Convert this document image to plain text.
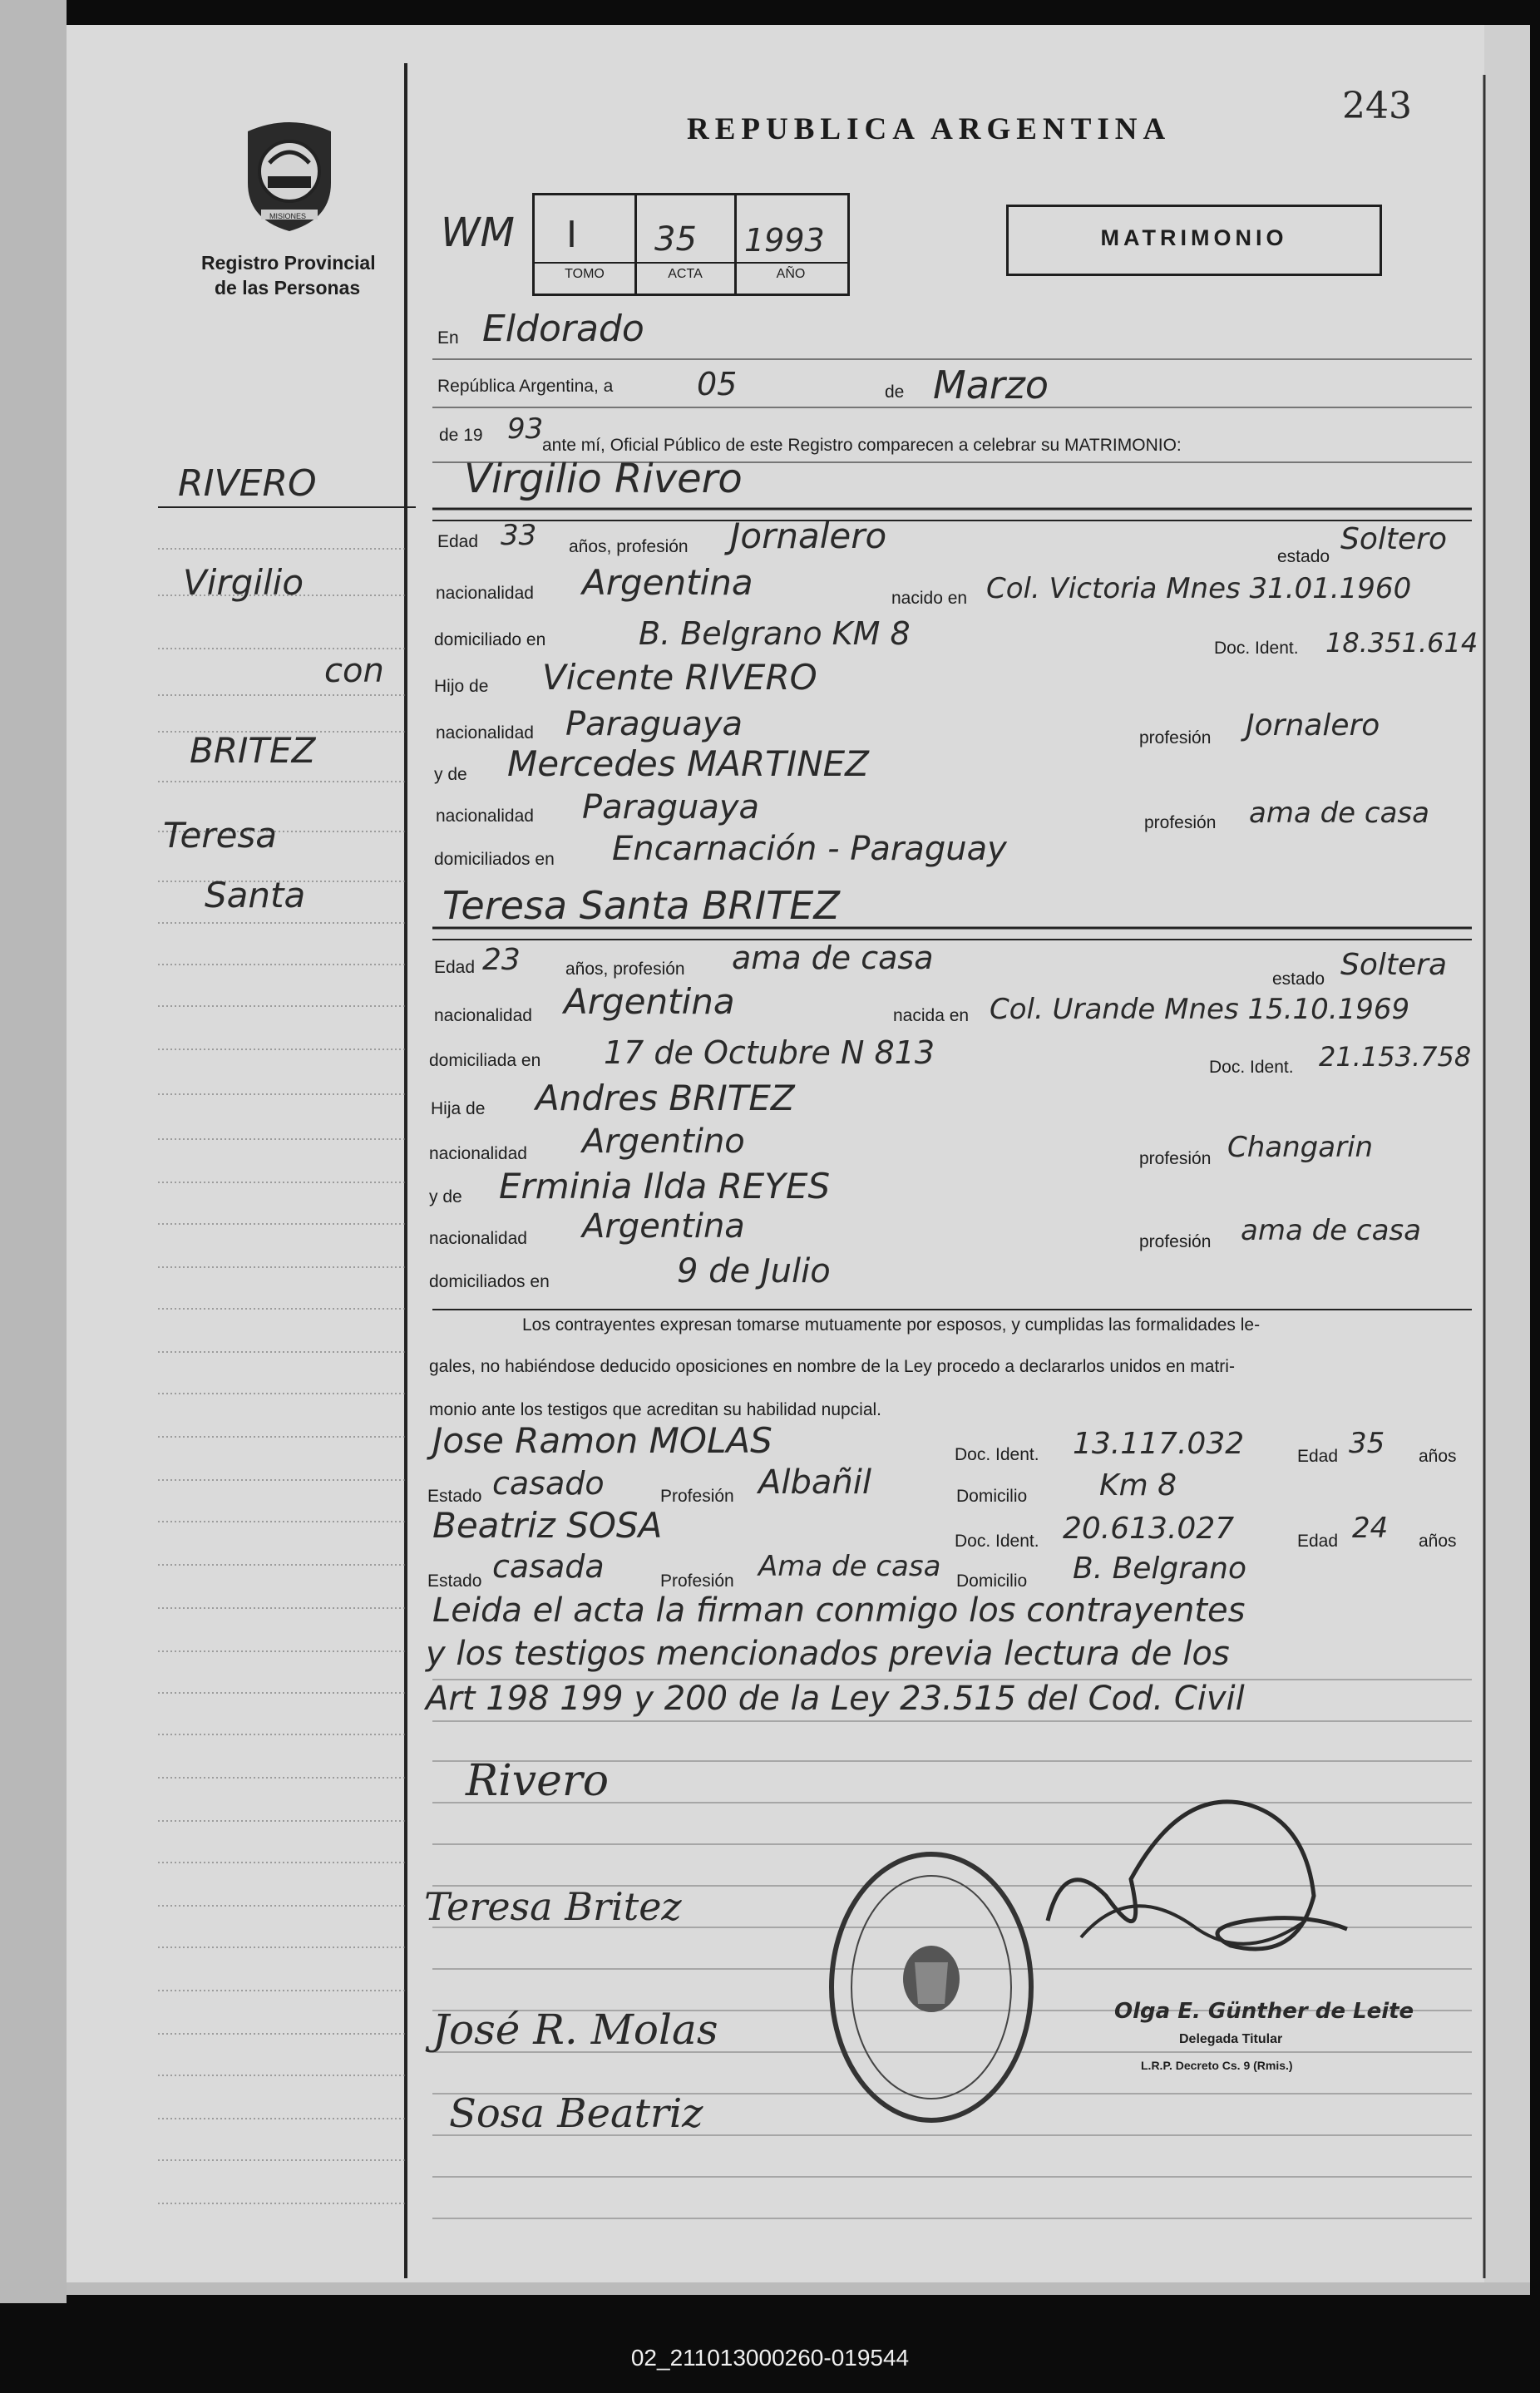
MISIONES
Registro Provincial
de las Personas
REPUBLICA ARGENTINA
243
WM I 35 1993
TOMO	ACTA	AÑO
MATRIMONIO
RIVERO
Virgilio
con
BRITEZ
Teresa
Santa
En Eldorado
República Argentina, a	05	de Marzo
de 19 93
ante mí, Oficial Público de este Registro comparecen a celebrar su MATRIMONIO:
Virgilio Rivero
Edad 33 años, profesión Jornalero
estado
Soltero
nacionalidad Argentina	nacido en Col. Victoria Mnes 31.01.1960
domiciliado en	B. Belgrano KM 8	Doc. Ident. 18.351.614
Hijo de Vicente RIVERO
nacionalidad Paraguaya	profesión Jornalero
y de Mercedes MARTINEZ
nacionalidad Paraguaya	profesión ama de casa
domiciliados en Encarnación - Paraguay
Teresa Santa BRITEZ
Edad 23	años, profesión ama de casa
estado Soltera
nacionalidad Argentina	nacida en Col. Urande Mnes 15.10.1969
domiciliada en 17 de Octubre N 813	Doc. Ident. 21.153.758
Hija de Andres BRITEZ
nacionalidad Argentino	profesión Changarin
y de Erminia Ilda REYES
nacionalidad Argentina	profesión ama de casa
domiciliados en	9 de Julio
Los contrayentes expresan tomarse mutuamente por esposos, y cumplidas las formalidades le-
gales, no habiéndose deducido oposiciones en nombre de la Ley procedo a declararlos unidos en matri-
monio ante los testigos que acreditan su habilidad nupcial.
Jose Ramon MOLAS	Doc. Ident. 13.117.032	Edad 35 años
Estado casado	Profesión Albañil	Domicilio Km 8
Beatriz SOSA	Doc. Ident. 20.613.027	Edad 24 años
Estado casada	Profesión Ama de casa Domicilio B. Belgrano
Leida el acta la firman conmigo los contrayentes
y los testigos mencionados previa lectura de los
Art 198 199 y 200 de la Ley 23.515 del Cod. Civil
Rivero
Teresa Britez
José R. Molas
Sosa Beatriz
Olga E. Günther de Leite
Delegada Titular
L.R.P. Decreto Cs. 9 (Rmis.)
02_211013000260-019544
